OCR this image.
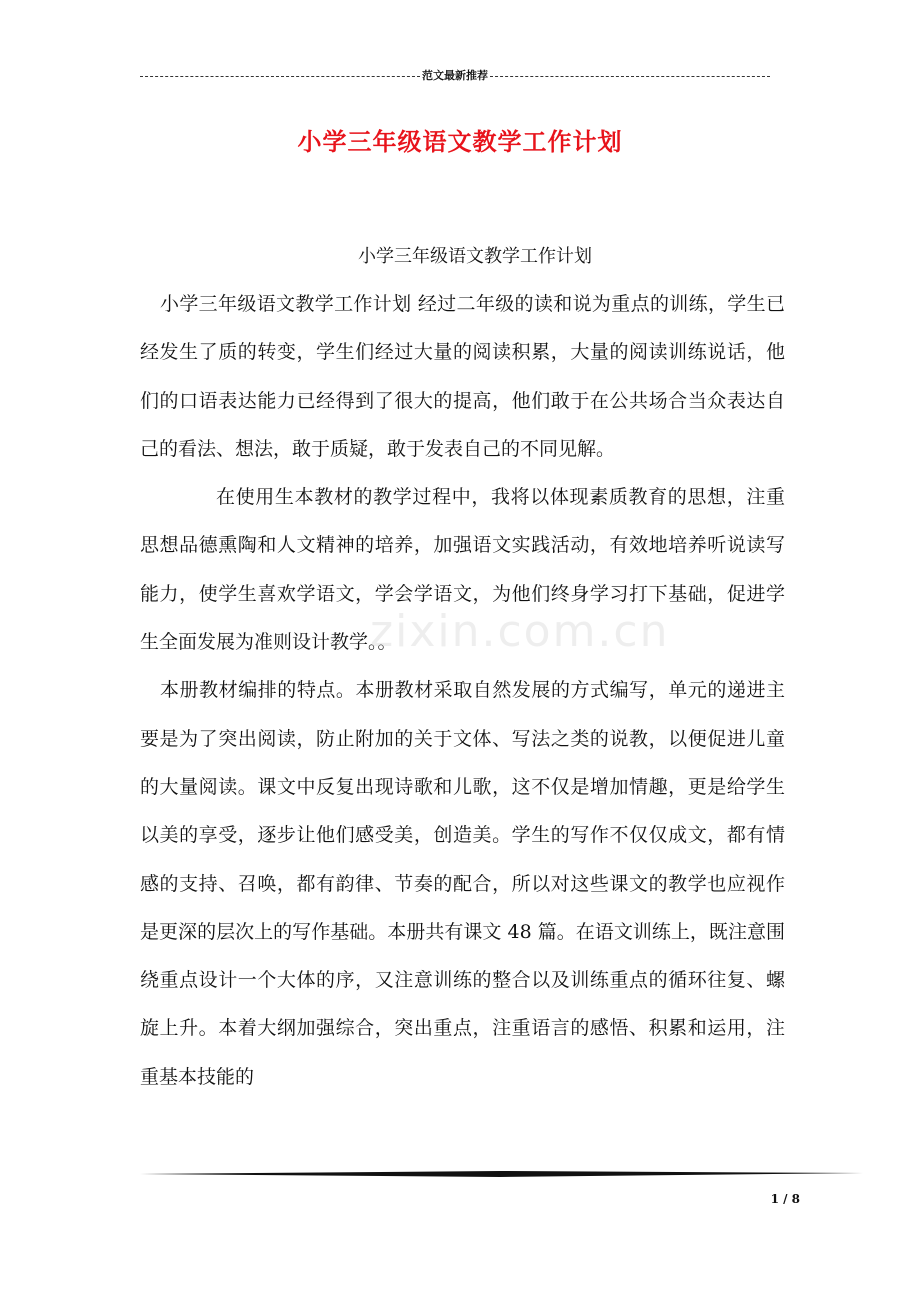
范文最新推荐
小学三年级语文教学工作计划
小学三年级语文教学工作计划

小学三年级语文教学工作计划 经过二年级的读和说为重点的训练，学生已经发生了质的转变，学生们经过大量的阅读积累，大量的阅读训练说话，他们的口语表达能力已经得到了很大的提高，他们敢于在公共场合当众表达自己的看法、想法，敢于质疑，敢于发表自己的不同见解。

在使用生本教材的教学过程中，我将以体现素质教育的思想，注重思想品德熏陶和人文精神的培养，加强语文实践活动，有效地培养听说读写能力，使学生喜欢学语文，学会学语文，为他们终身学习打下基础，促进学生全面发展为准则设计教学。。

本册教材编排的特点。本册教材采取自然发展的方式编写，单元的递进主要是为了突出阅读，防止附加的关于文体、写法之类的说教，以便促进儿童的大量阅读。课文中反复出现诗歌和儿歌，这不仅是增加情趣，更是给学生以美的享受，逐步让他们感受美，创造美。学生的写作不仅仅成文，都有情感的支持、召唤，都有韵律、节奏的配合，所以对这些课文的教学也应视作是更深的层次上的写作基础。本册共有课文 48 篇。在语文训练上，既注意围绕重点设计一个大体的序，又注意训练的整合以及训练重点的循环往复、螺旋上升。本着大纲加强综合，突出重点，注重语言的感悟、积累和运用，注重基本技能的

zixin.com.cn
1 / 8
